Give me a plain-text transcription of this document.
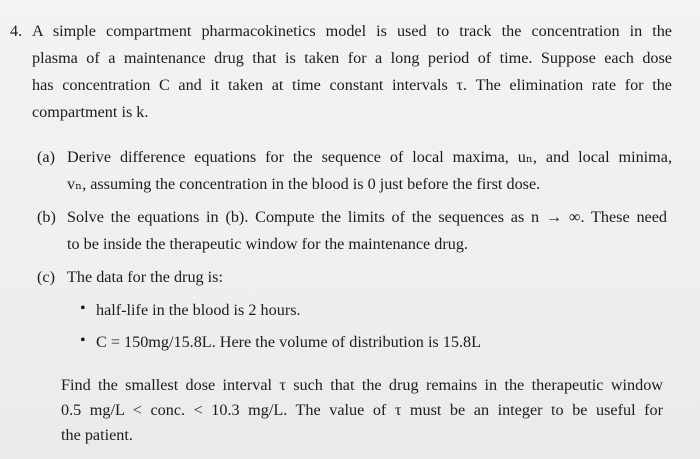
4. A simple compartment pharmacokinetics model is used to track the concentration in the
plasma of a maintenance drug that is taken for a long period of time. Suppose each dose
has concentration C and it taken at time constant intervals τ. The elimination rate for the
compartment is k.
(a) Derive difference equations for the sequence of local maxima, uₙ, and local minima,
vₙ, assuming the concentration in the blood is 0 just before the first dose.
(b) Solve the equations in (b). Compute the limits of the sequences as n → ∞. These need
to be inside the therapeutic window for the maintenance drug.
(c) The data for the drug is:
• half-life in the blood is 2 hours.
• C = 150mg/15.8L. Here the volume of distribution is 15.8L
Find the smallest dose interval τ such that the drug remains in the therapeutic window
0.5 mg/L < conc. < 10.3 mg/L. The value of τ must be an integer to be useful for
the patient.
